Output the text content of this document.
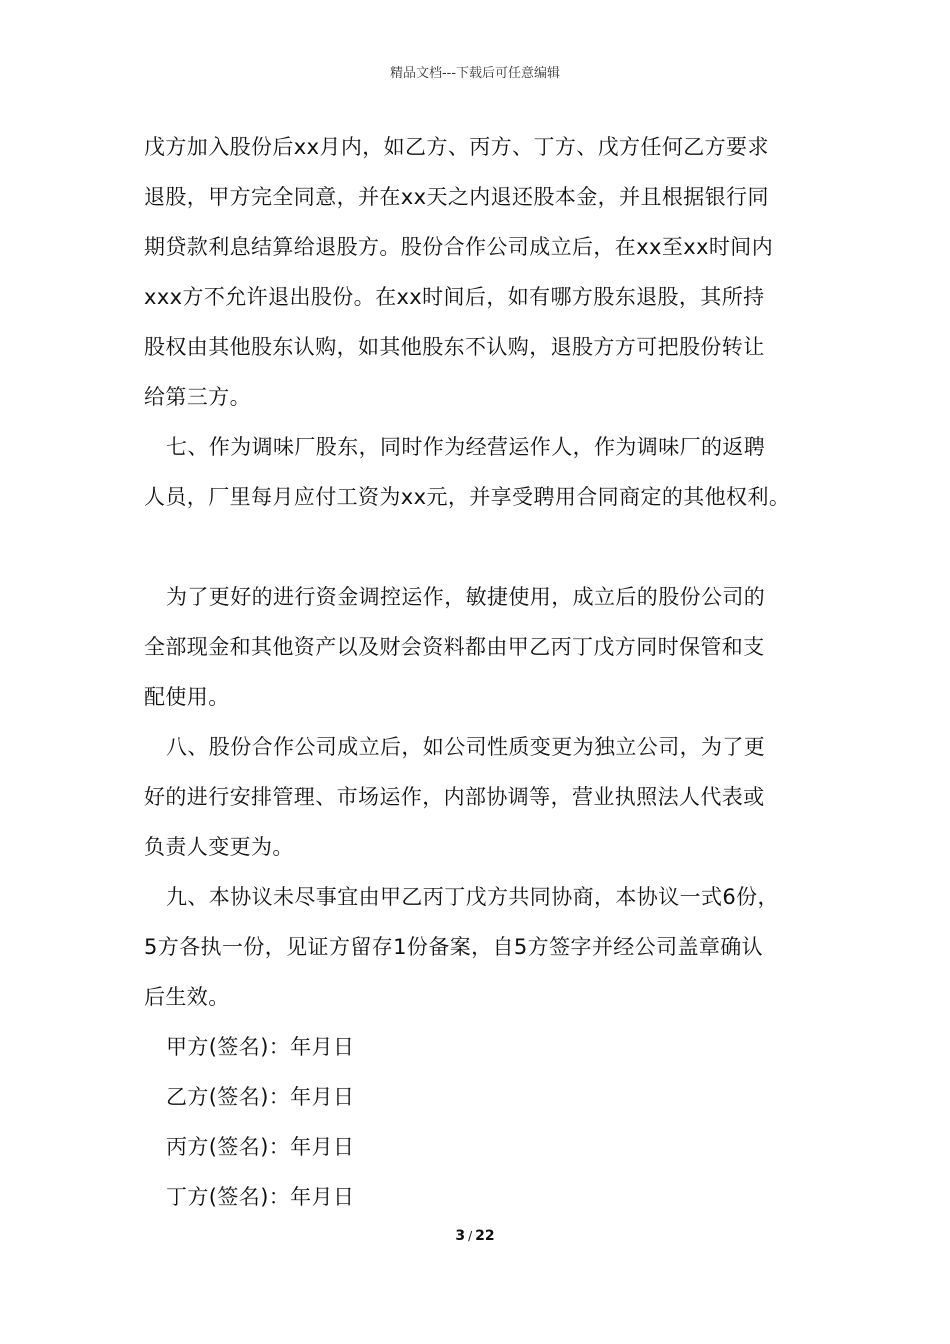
精品文档---下载后可任意编辑

戊方加入股份后xx月内，如乙方、丙方、丁方、戊方任何乙方要求

退股，甲方完全同意，并在xx天之内退还股本金，并且根据银行同

期贷款利息结算给退股方。股份合作公司成立后，在xx至xx时间内

xxx方不允许退出股份。在xx时间后，如有哪方股东退股，其所持

股权由其他股东认购，如其他股东不认购，退股方方可把股份转让

给第三方。

七、作为调味厂股东，同时作为经营运作人，作为调味厂的返聘

人员，厂里每月应付工资为xx元，并享受聘用合同商定的其他权利。

为了更好的进行资金调控运作，敏捷使用，成立后的股份公司的

全部现金和其他资产以及财会资料都由甲乙丙丁戊方同时保管和支

配使用。

八、股份合作公司成立后，如公司性质变更为独立公司，为了更

好的进行安排管理、市场运作，内部协调等，营业执照法人代表或

负责人变更为。

九、本协议未尽事宜由甲乙丙丁戊方共同协商，本协议一式6份，

5方各执一份，见证方留存1份备案，自5方签字并经公司盖章确认

后生效。

甲方(签名)：年月日

乙方(签名)：年月日

丙方(签名)：年月日

丁方(签名)：年月日

3 / 22
